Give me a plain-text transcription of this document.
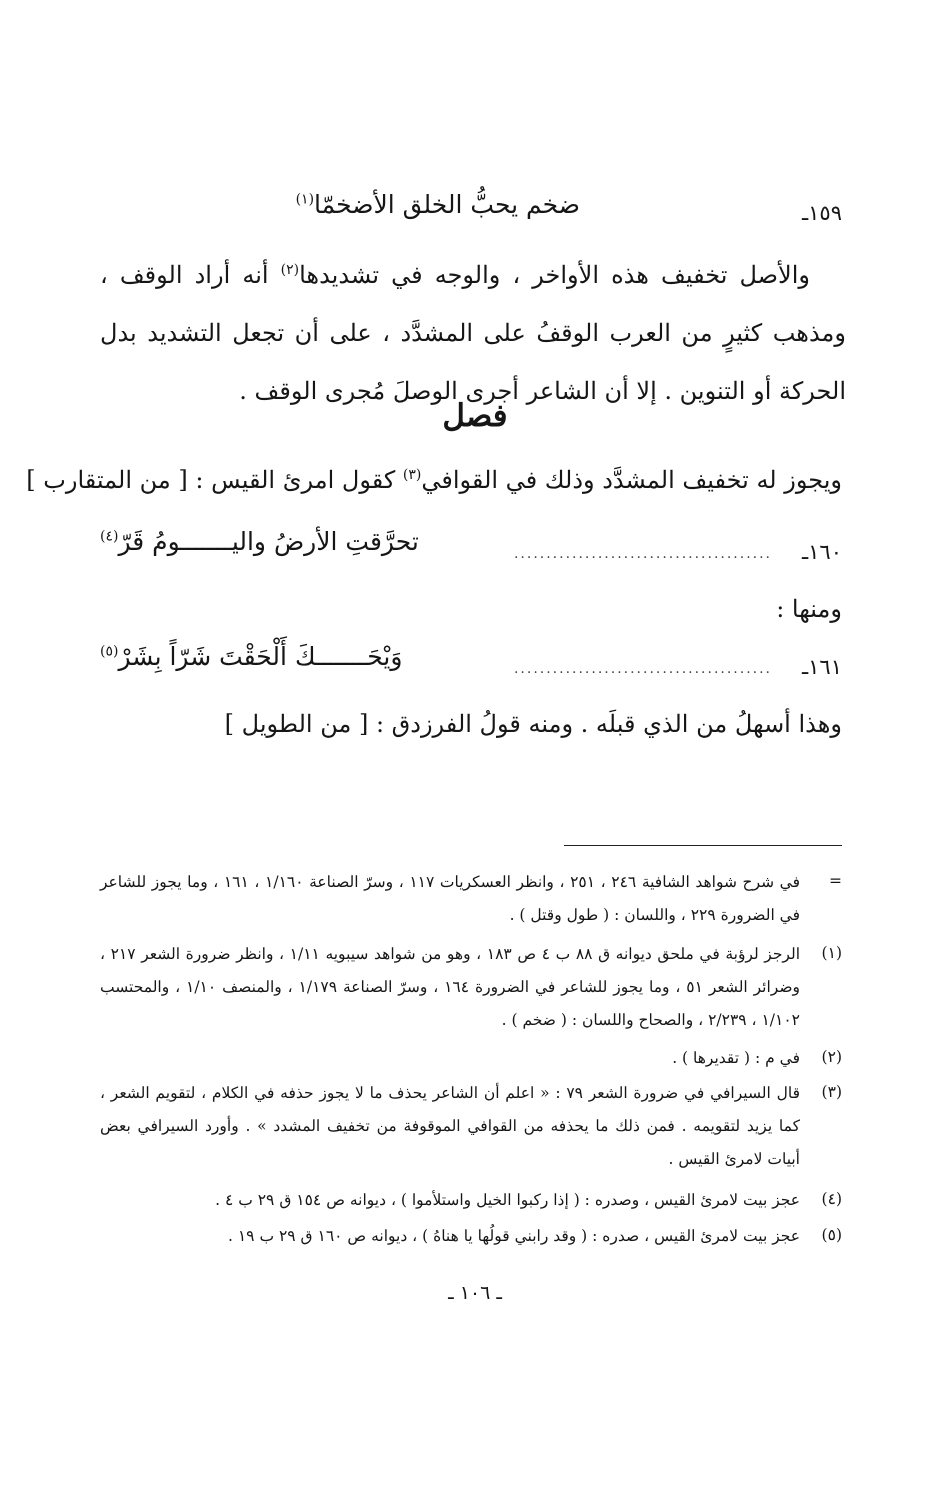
١٥٩ـ
ضخم يحبُّ الخلق الأضخمّا$^{(١)}$
والأصل تخفيف هذه الأواخر ، والوجه في تشديدها$^{(٢)}$ أنه أراد الوقف ، ومذهب كثيرٍ من العرب الوقفُ على المشدَّد ، على أن تجعل التشديد بدل الحركة أو التنوين . إلا أن الشاعر أجرى الوصلَ مُجرى الوقف .
فصل
ويجوز له تخفيف المشدَّد وذلك في القوافي$^{(٣)}$ كقول امرئ القيس : [ من المتقارب ]
١٦٠ـ
........................................
تحرَّقتِ الأرضُ واليـــــــومُ قَرّ$^{(٤)}$
ومنها :
١٦١ـ
........................................
وَيْحَـــــــكَ أَلْحَقْتَ شَرّاً بِشَرْ$^{(٥)}$
وهذا أسهلُ من الذي قبلَه . ومنه قولُ الفرزدق : [ من الطويل ]
=
في شرح شواهد الشافية ٢٤٦ ، ٢٥١ ، وانظر العسكريات ١١٧ ، وسرّ الصناعة ١/١٦٠ ، ١٦١ ، وما يجوز للشاعر في الضرورة ٢٢٩ ، واللسان : ( طول وقتل ) .
(١)
الرجز لرؤبة في ملحق ديوانه ق ٨٨ ب ٤ ص ١٨٣ ، وهو من شواهد سيبويه ١/١١ ، وانظر ضرورة الشعر ٢١٧ ، وضرائر الشعر ٥١ ، وما يجوز للشاعر في الضرورة ١٦٤ ، وسرّ الصناعة ١/١٧٩ ، والمنصف ١/١٠ ، والمحتسب ١/١٠٢ ، ٢/٢٣٩ ، والصحاح واللسان : ( ضخم ) .
(٢)
في م : ( تقديرها ) .
(٣)
قال السيرافي في ضرورة الشعر ٧٩ : « اعلم أن الشاعر يحذف ما لا يجوز حذفه في الكلام ، لتقويم الشعر ، كما يزيد لتقويمه . فمن ذلك ما يحذفه من القوافي الموقوفة من تخفيف المشدد » . وأورد السيرافي بعض أبيات لامرئ القيس .
(٤)
عجز بيت لامرئ القيس ، وصدره : ( إذا ركبوا الخيل واستلأموا ) ، ديوانه ص ١٥٤ ق ٢٩ ب ٤ .
(٥)
عجز بيت لامرئ القيس ، صدره : ( وقد رابني قولُها يا هناهُ ) ، ديوانه ص ١٦٠ ق ٢٩ ب ١٩ .
ـ ١٠٦ ـ
